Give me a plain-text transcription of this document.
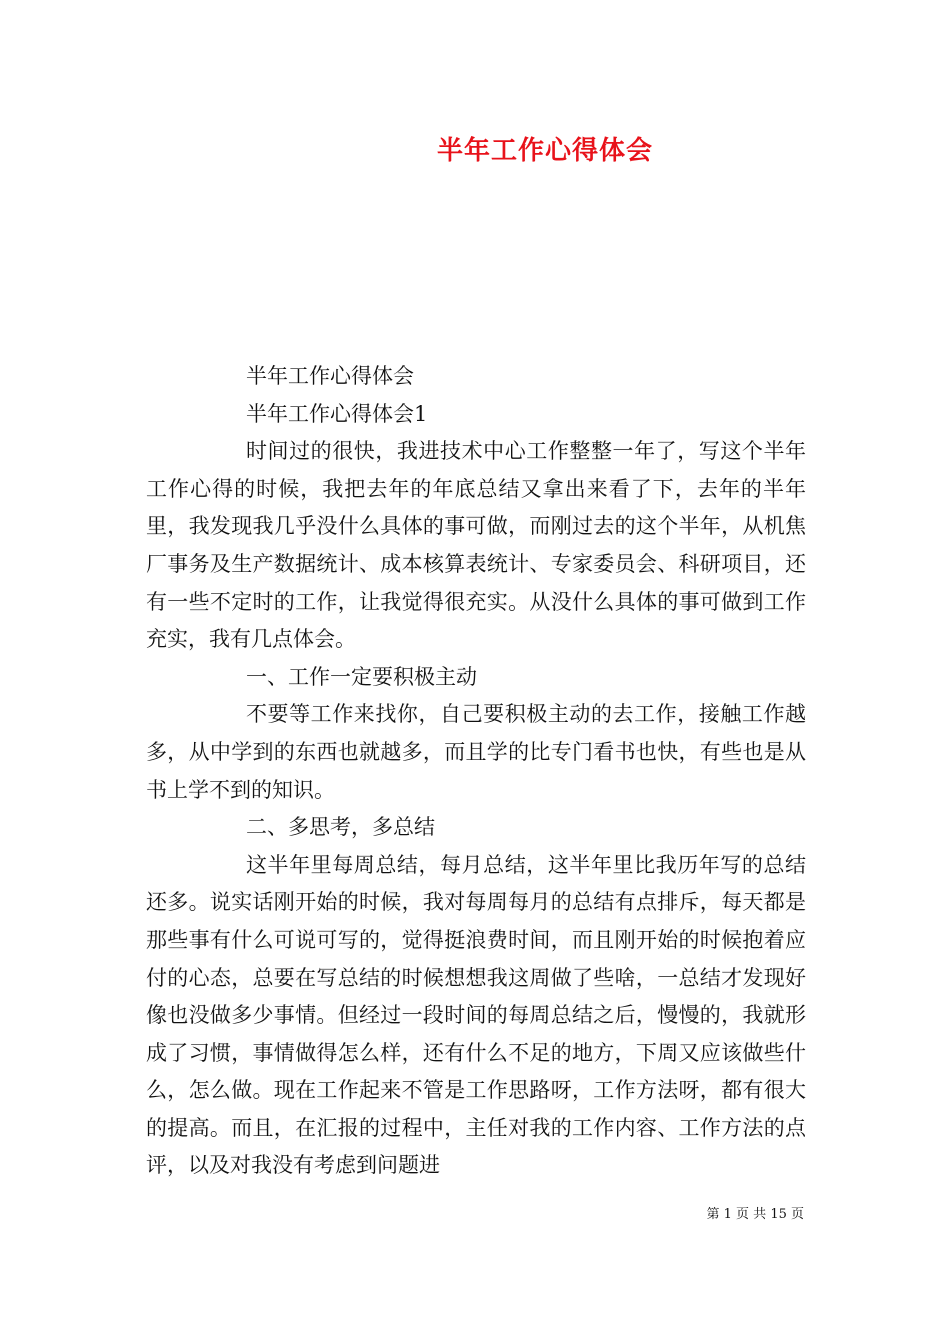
半年工作心得体会

半年工作心得体会

半年工作心得体会1

时间过的很快，我进技术中心工作整整一年了，写这个半年工作心得的时候，我把去年的年底总结又拿出来看了下，去年的半年里，我发现我几乎没什么具体的事可做，而刚过去的这个半年，从机焦厂事务及生产数据统计、成本核算表统计、专家委员会、科研项目，还有一些不定时的工作，让我觉得很充实。从没什么具体的事可做到工作充实，我有几点体会。

一、工作一定要积极主动

不要等工作来找你，自己要积极主动的去工作，接触工作越多，从中学到的东西也就越多，而且学的比专门看书也快，有些也是从书上学不到的知识。

二、多思考，多总结

这半年里每周总结，每月总结，这半年里比我历年写的总结还多。说实话刚开始的时候，我对每周每月的总结有点排斥，每天都是那些事有什么可说可写的，觉得挺浪费时间，而且刚开始的时候抱着应付的心态，总要在写总结的时候想想我这周做了些啥，一总结才发现好像也没做多少事情。但经过一段时间的每周总结之后，慢慢的，我就形成了习惯，事情做得怎么样，还有什么不足的地方，下周又应该做些什么，怎么做。现在工作起来不管是工作思路呀，工作方法呀，都有很大的提高。而且，在汇报的过程中，主任对我的工作内容、工作方法的点评，以及对我没有考虑到问题进

第 1 页 共 15 页
